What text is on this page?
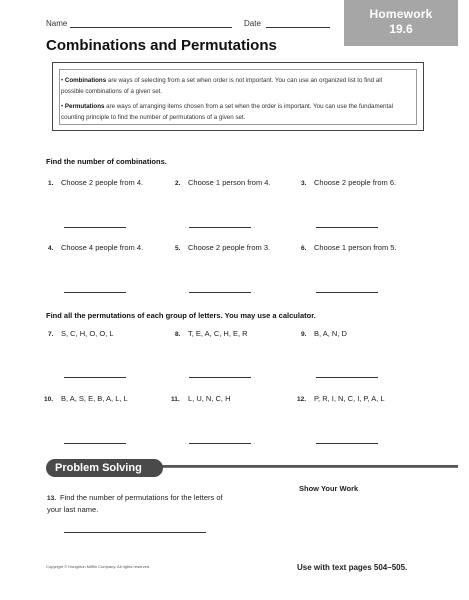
Name	Date
Homework
19.6
Combinations and Permutations
• Combinations are ways of selecting from a set when order is not important. You can use an organized list to find all possible combinations of a given set.
• Permutations are ways of arranging items chosen from a set when the order is important. You can use the fundamental counting principle to find the number of permutations of a given set.
Find the number of combinations.
1. Choose 2 people from 4.	2. Choose 1 person from 4.	3. Choose 2 people from 6.
4. Choose 4 people from 4.	5. Choose 2 people from 3.	6. Choose 1 person from 5.
Find all the permutations of each group of letters. You may use a calculator.
7. S, C, H, O, O, L	8. T, E, A, C, H, E, R	9. B, A, N, D
10. B, A, S, E, B, A, L, L	11. L, U, N, C, H	12. P, R, I, N, C, I, P, A, L
Problem Solving
Show Your Work
13. Find the number of permutations for the letters of your last name.
Copyright © Houghton Mifflin Company. All rights reserved.	Use with text pages 504–505.
